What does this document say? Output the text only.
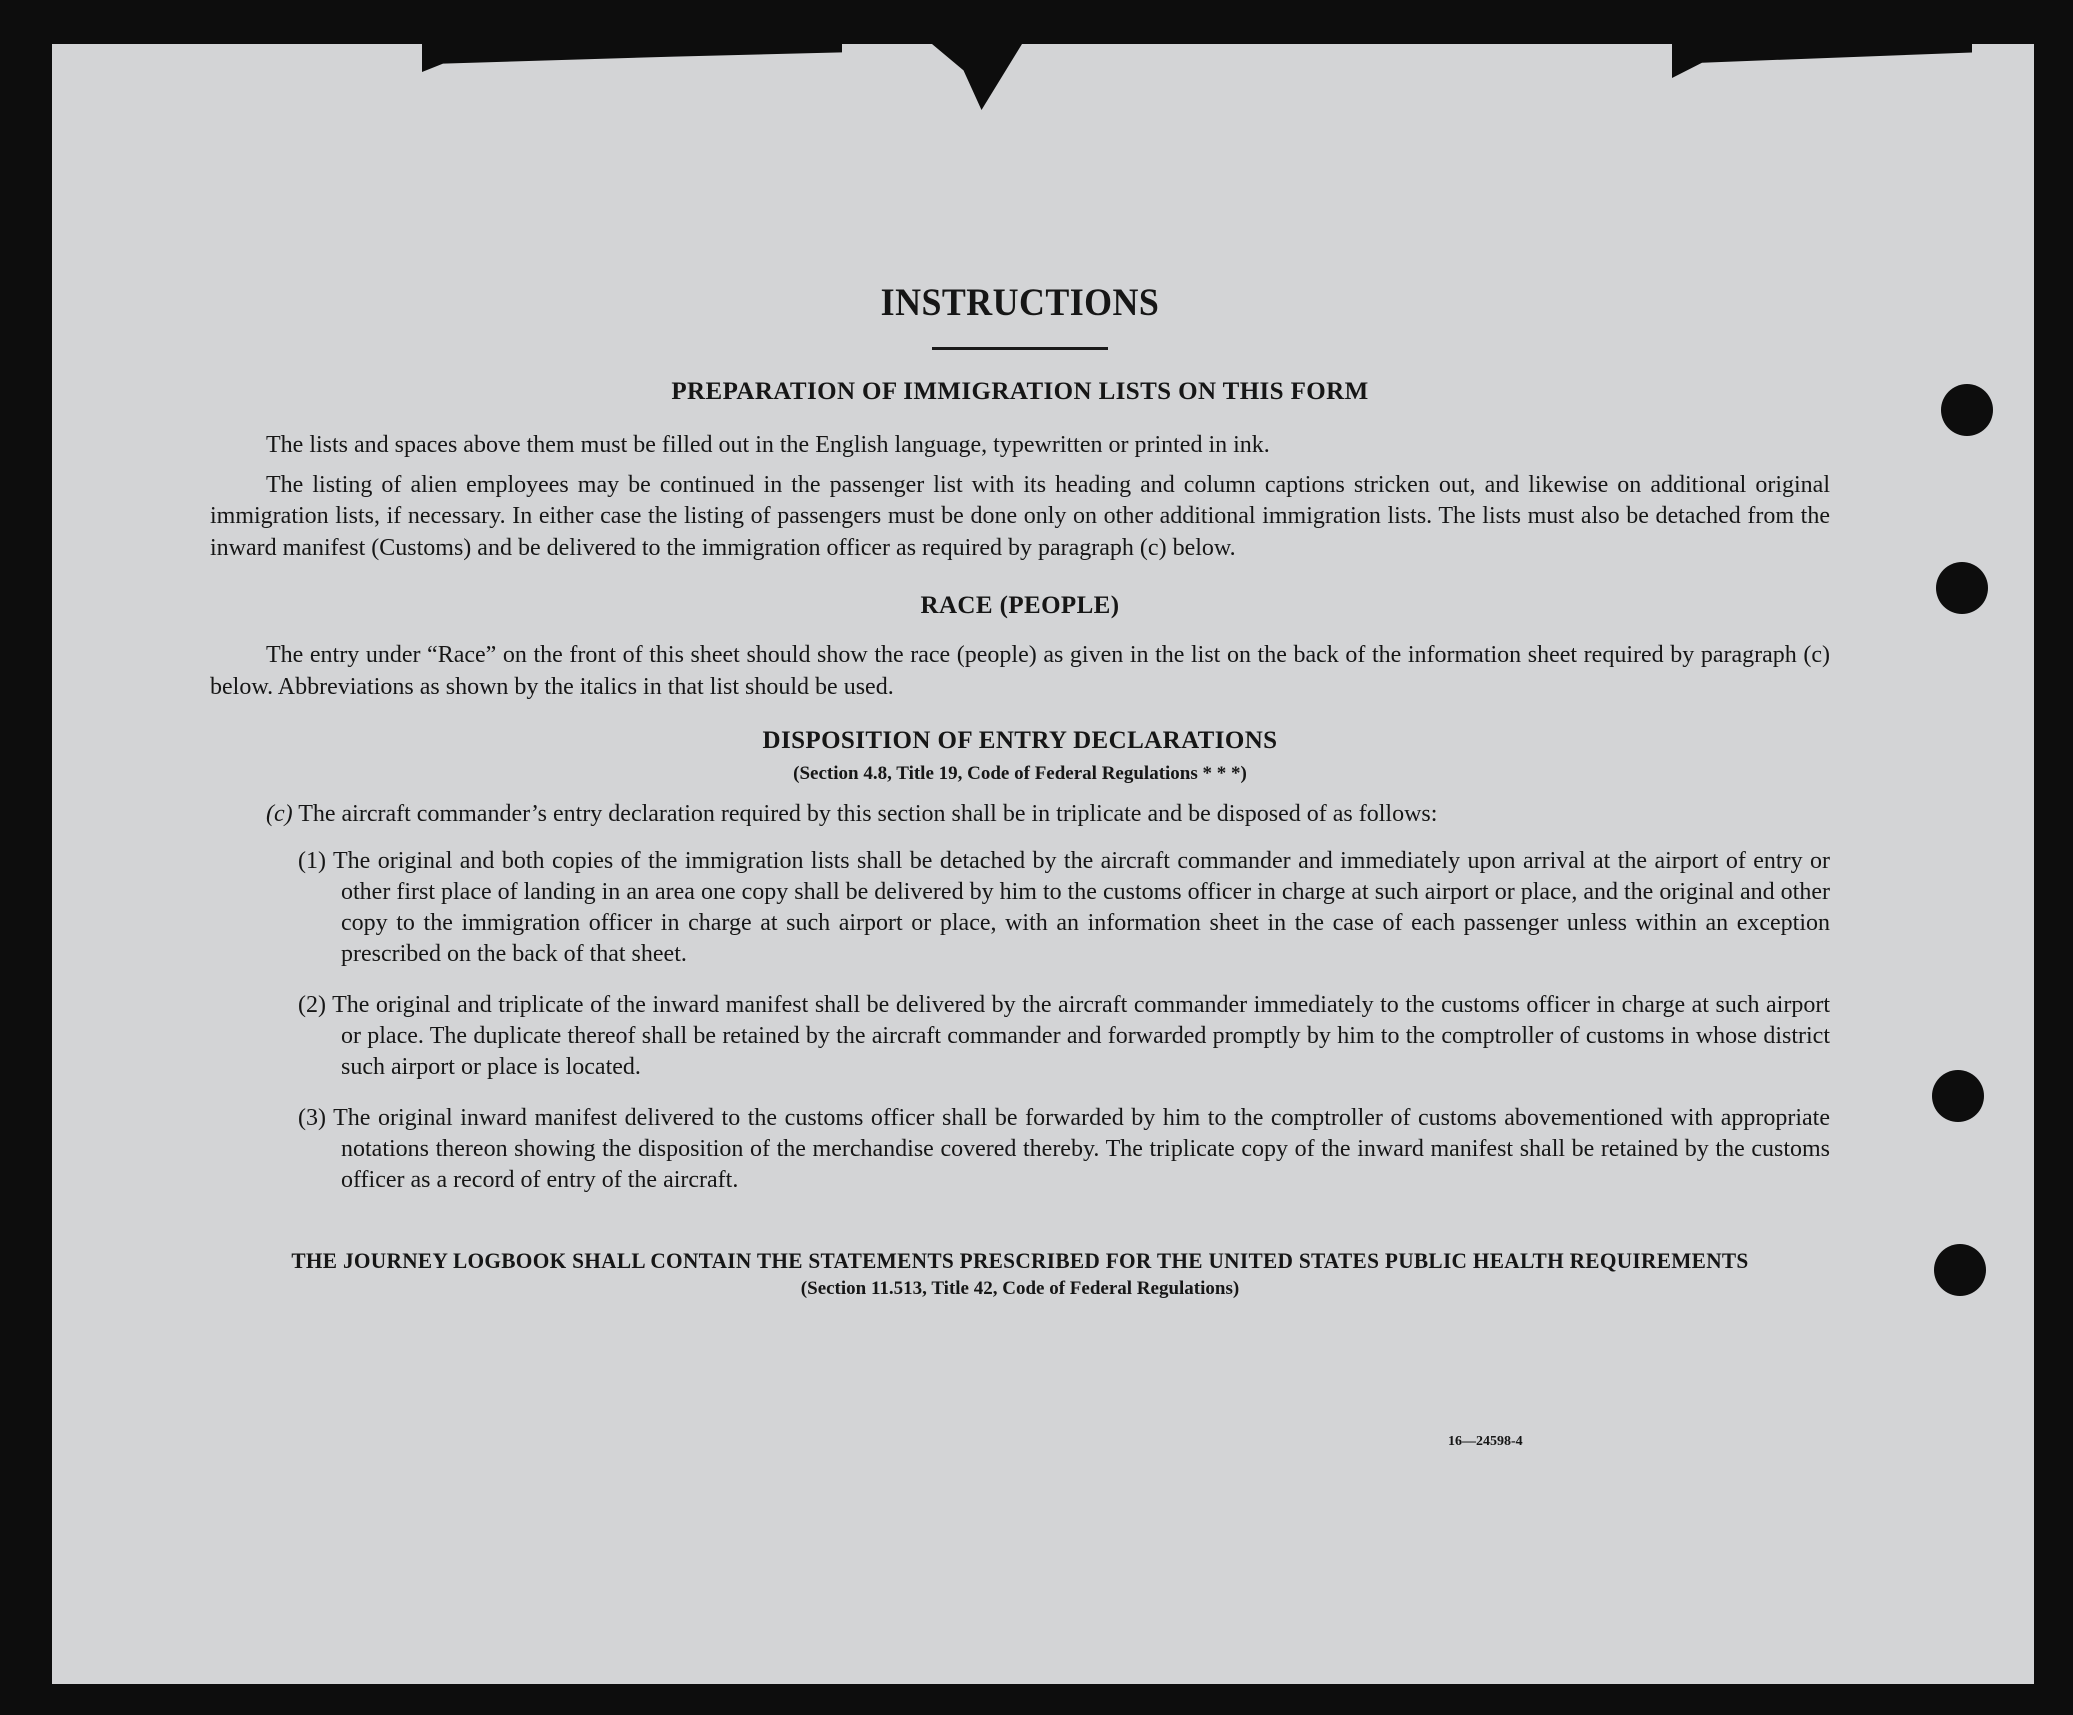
INSTRUCTIONS
PREPARATION OF IMMIGRATION LISTS ON THIS FORM

The lists and spaces above them must be filled out in the English language, typewritten or printed in ink.

The listing of alien employees may be continued in the passenger list with its heading and column captions stricken out, and likewise on additional original immigration lists, if necessary. In either case the listing of passengers must be done only on other additional immigration lists. The lists must also be detached from the inward manifest (Customs) and be delivered to the immigration officer as required by paragraph (c) below.

RACE (PEOPLE)

The entry under “Race” on the front of this sheet should show the race (people) as given in the list on the back of the information sheet required by paragraph (c) below. Abbreviations as shown by the italics in that list should be used.

DISPOSITION OF ENTRY DECLARATIONS
(Section 4.8, Title 19, Code of Federal Regulations * * *)
(c) The aircraft commander’s entry declaration required by this section shall be in triplicate and be disposed of as follows:
(1) The original and both copies of the immigration lists shall be detached by the aircraft commander and immediately upon arrival at the airport of entry or other first place of landing in an area one copy shall be delivered by him to the customs officer in charge at such airport or place, and the original and other copy to the immigration officer in charge at such airport or place, with an information sheet in the case of each passenger unless within an exception prescribed on the back of that sheet.
(2) The original and triplicate of the inward manifest shall be delivered by the aircraft commander immediately to the customs officer in charge at such airport or place. The duplicate thereof shall be retained by the aircraft commander and forwarded promptly by him to the comptroller of customs in whose district such airport or place is located.
(3) The original inward manifest delivered to the customs officer shall be forwarded by him to the comptroller of customs abovementioned with appropriate notations thereon showing the disposition of the merchandise covered thereby. The triplicate copy of the inward manifest shall be retained by the customs officer as a record of entry of the aircraft.
THE JOURNEY LOGBOOK SHALL CONTAIN THE STATEMENTS PRESCRIBED FOR THE UNITED STATES PUBLIC HEALTH REQUIREMENTS
(Section 11.513, Title 42, Code of Federal Regulations)
16—24598-4
